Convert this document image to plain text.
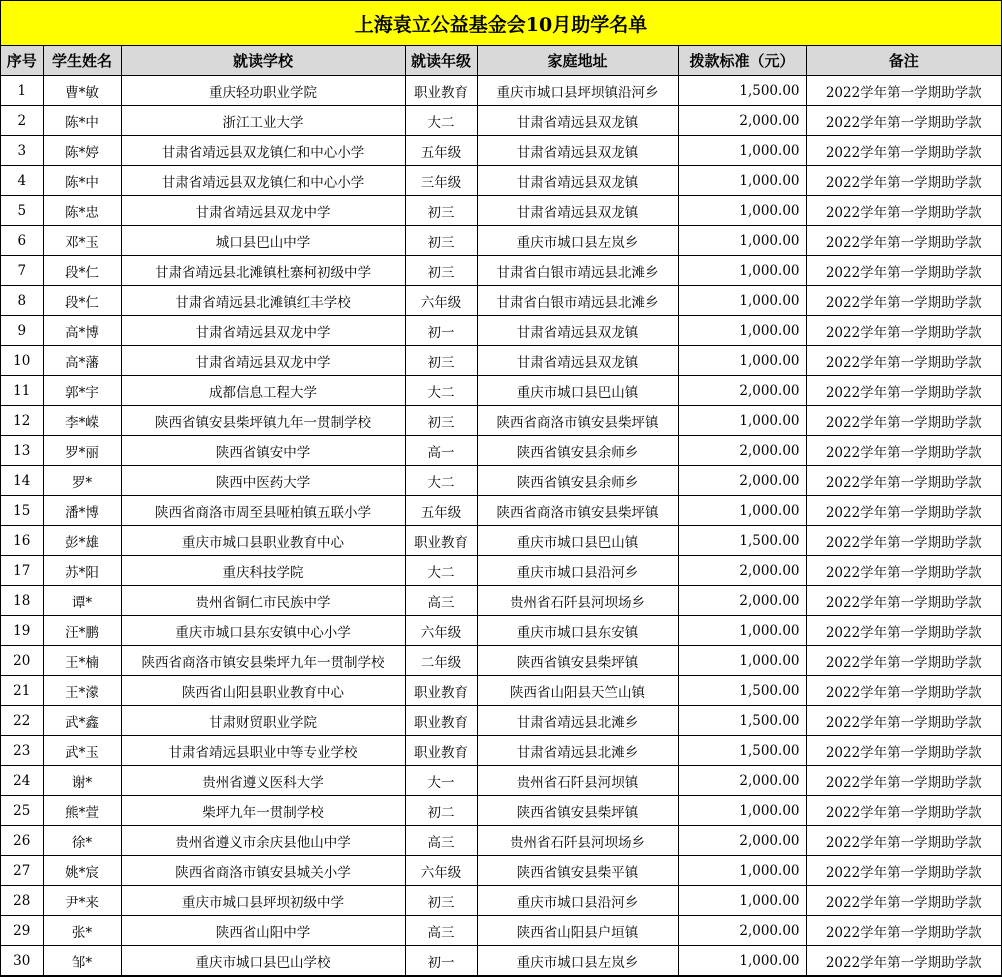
上海袁立公益基金会10月助学名单
序号	学生姓名	就读学校	就读年级	家庭地址	拨款标准（元）	备注
1	曹*敏	重庆轻功职业学院	职业教育	重庆市城口县坪坝镇沿河乡	1,500.00	2022学年第一学期助学款
2	陈*中	浙江工业大学	大二	甘肃省靖远县双龙镇	2,000.00	2022学年第一学期助学款
3	陈*婷	甘肃省靖远县双龙镇仁和中心小学	五年级	甘肃省靖远县双龙镇	1,000.00	2022学年第一学期助学款
4	陈*中	甘肃省靖远县双龙镇仁和中心小学	三年级	甘肃省靖远县双龙镇	1,000.00	2022学年第一学期助学款
5	陈*忠	甘肃省靖远县双龙中学	初三	甘肃省靖远县双龙镇	1,000.00	2022学年第一学期助学款
6	邓*玉	城口县巴山中学	初三	重庆市城口县左岚乡	1,000.00	2022学年第一学期助学款
7	段*仁	甘肃省靖远县北滩镇杜寨柯初级中学	初三	甘肃省白银市靖远县北滩乡	1,000.00	2022学年第一学期助学款
8	段*仁	甘肃省靖远县北滩镇红丰学校	六年级	甘肃省白银市靖远县北滩乡	1,000.00	2022学年第一学期助学款
9	高*博	甘肃省靖远县双龙中学	初一	甘肃省靖远县双龙镇	1,000.00	2022学年第一学期助学款
10	高*藩	甘肃省靖远县双龙中学	初三	甘肃省靖远县双龙镇	1,000.00	2022学年第一学期助学款
11	郭*宇	成都信息工程大学	大二	重庆市城口县巴山镇	2,000.00	2022学年第一学期助学款
12	李*嵘	陕西省镇安县柴坪镇九年一贯制学校	初三	陕西省商洛市镇安县柴坪镇	1,000.00	2022学年第一学期助学款
13	罗*丽	陕西省镇安中学	高一	陕西省镇安县余师乡	2,000.00	2022学年第一学期助学款
14	罗*	陕西中医药大学	大二	陕西省镇安县余师乡	2,000.00	2022学年第一学期助学款
15	潘*博	陕西省商洛市周至县哑柏镇五联小学	五年级	陕西省商洛市镇安县柴坪镇	1,000.00	2022学年第一学期助学款
16	彭*雄	重庆市城口县职业教育中心	职业教育	重庆市城口县巴山镇	1,500.00	2022学年第一学期助学款
17	苏*阳	重庆科技学院	大二	重庆市城口县沿河乡	2,000.00	2022学年第一学期助学款
18	谭*	贵州省铜仁市民族中学	高三	贵州省石阡县河坝场乡	2,000.00	2022学年第一学期助学款
19	汪*鹏	重庆市城口县东安镇中心小学	六年级	重庆市城口县东安镇	1,000.00	2022学年第一学期助学款
20	王*楠	陕西省商洛市镇安县柴坪九年一贯制学校	二年级	陕西省镇安县柴坪镇	1,000.00	2022学年第一学期助学款
21	王*濛	陕西省山阳县职业教育中心	职业教育	陕西省山阳县天竺山镇	1,500.00	2022学年第一学期助学款
22	武*鑫	甘肃财贸职业学院	职业教育	甘肃省靖远县北滩乡	1,500.00	2022学年第一学期助学款
23	武*玉	甘肃省靖远县职业中等专业学校	职业教育	甘肃省靖远县北滩乡	1,500.00	2022学年第一学期助学款
24	谢*	贵州省遵义医科大学	大一	贵州省石阡县河坝镇	2,000.00	2022学年第一学期助学款
25	熊*萱	柴坪九年一贯制学校	初二	陕西省镇安县柴坪镇	1,000.00	2022学年第一学期助学款
26	徐*	贵州省遵义市余庆县他山中学	高三	贵州省石阡县河坝场乡	2,000.00	2022学年第一学期助学款
27	姚*宸	陕西省商洛市镇安县城关小学	六年级	陕西省镇安县柴平镇	1,000.00	2022学年第一学期助学款
28	尹*来	重庆市城口县坪坝初级中学	初三	重庆市城口县沿河乡	1,000.00	2022学年第一学期助学款
29	张*	陕西省山阳中学	高三	陕西省山阳县户垣镇	2,000.00	2022学年第一学期助学款
30	邹*	重庆市城口县巴山学校	初一	重庆市城口县左岚乡	1,000.00	2022学年第一学期助学款
